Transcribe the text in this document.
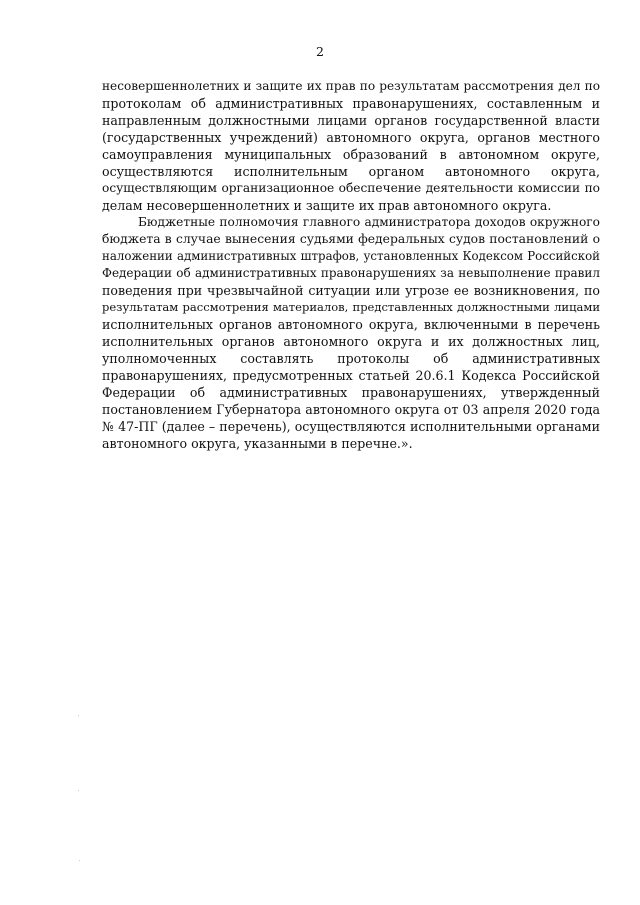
2
несовершеннолетних и защите их прав по результатам рассмотрения дел по
протоколам об административных правонарушениях, составленным и
направленным должностными лицами органов государственной власти
(государственных учреждений) автономного округа, органов местного
самоуправления муниципальных образований в автономном округе,
осуществляются исполнительным органом автономного округа,
осуществляющим организационное обеспечение деятельности комиссии по
делам несовершеннолетних и защите их прав автономного округа.
Бюджетные полномочия главного администратора доходов окружного
бюджета в случае вынесения судьями федеральных судов постановлений о
наложении административных штрафов, установленных Кодексом Российской
Федерации об административных правонарушениях за невыполнение правил
поведения при чрезвычайной ситуации или угрозе ее возникновения, по
результатам рассмотрения материалов, представленных должностными лицами
исполнительных органов автономного округа, включенными в перечень
исполнительных органов автономного округа и их должностных лиц,
уполномоченных составлять протоколы об административных
правонарушениях, предусмотренных статьей 20.6.1 Кодекса Российской
Федерации об административных правонарушениях, утвержденный
постановлением Губернатора автономного округа от 03 апреля 2020 года
№ 47-ПГ (далее – перечень), осуществляются исполнительными органами
автономного округа, указанными в перечне.».
